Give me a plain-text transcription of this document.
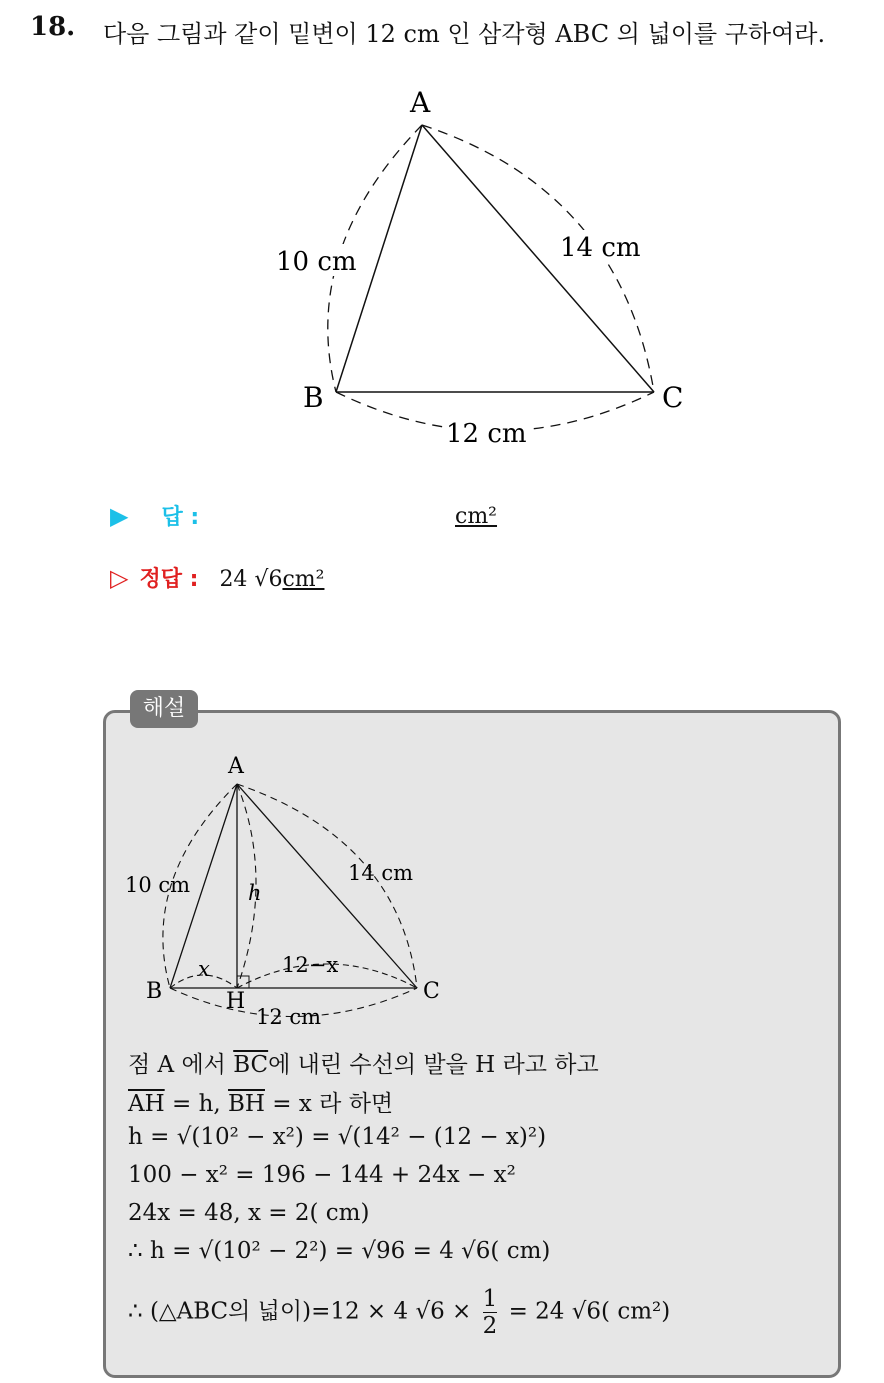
18. 다음 그림과 같이 밑변이 12 cm 인 삼각형 ABC 의 넓이를 구하여라.
A
B	C
10 cm	14 cm
12 cm
▶ 답 :	cm²
▷ 정답 : 24 √6cm²
해설
A
B	C
H
10 cm	14 cm
12 cm
h
x	12−x
점 A 에서 $\overline{BC}$에 내린 수선의 발을 H 라고 하고
$\overline{AH} = h$, $\overline{BH} = x$ 라 하면
h = √(10² − x²) = √(14² − (12 − x)²)
100 − x² = 196 − 144 + 24x − x²
24x = 48, x = 2( cm)
∴ h = √(10² − 2²) = √96 = 4 √6( cm)
∴ (△ABC의 넓이)=12 × 4 $√6 \times \frac{1}{2} = 24$ √6( cm²)
